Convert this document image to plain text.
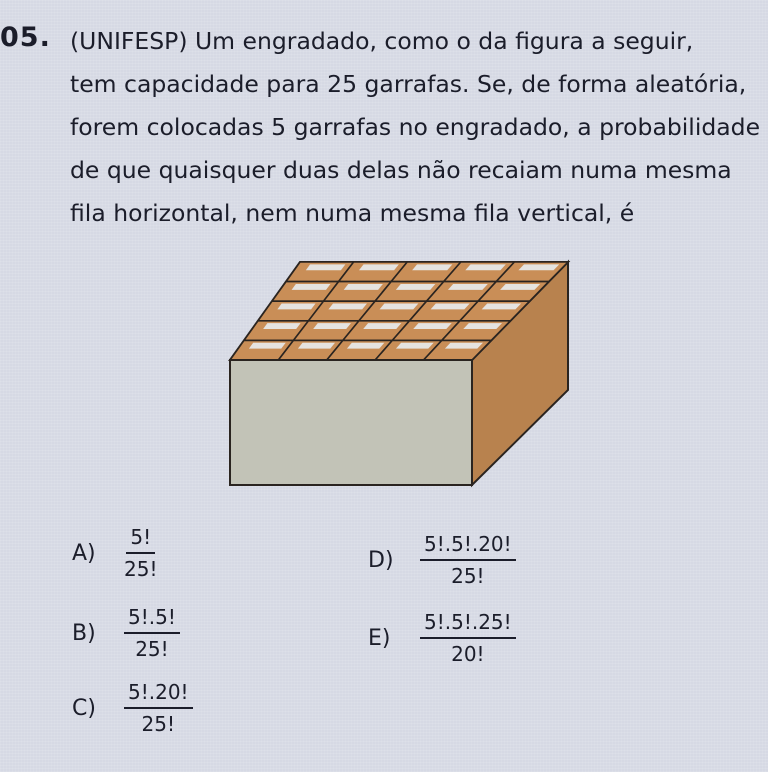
05. (UNIFESP) Um engradado, como o da figura a seguir,
tem capacidade para 25 garrafas. Se, de forma aleatória,
forem colocadas 5 garrafas no engradado, a probabilidade
de que quaisquer duas delas não recaiam numa mesma
fila horizontal, nem numa mesma fila vertical, é
A)	$\frac{5!}{25!}$
B)	$\frac{5!.5!}{25!}$
C)	$\frac{5!.20!}{25!}$
D)	$\frac{5!.5!.20!}{25!}$
E)	$\frac{5!.5!.25!}{20!}$
